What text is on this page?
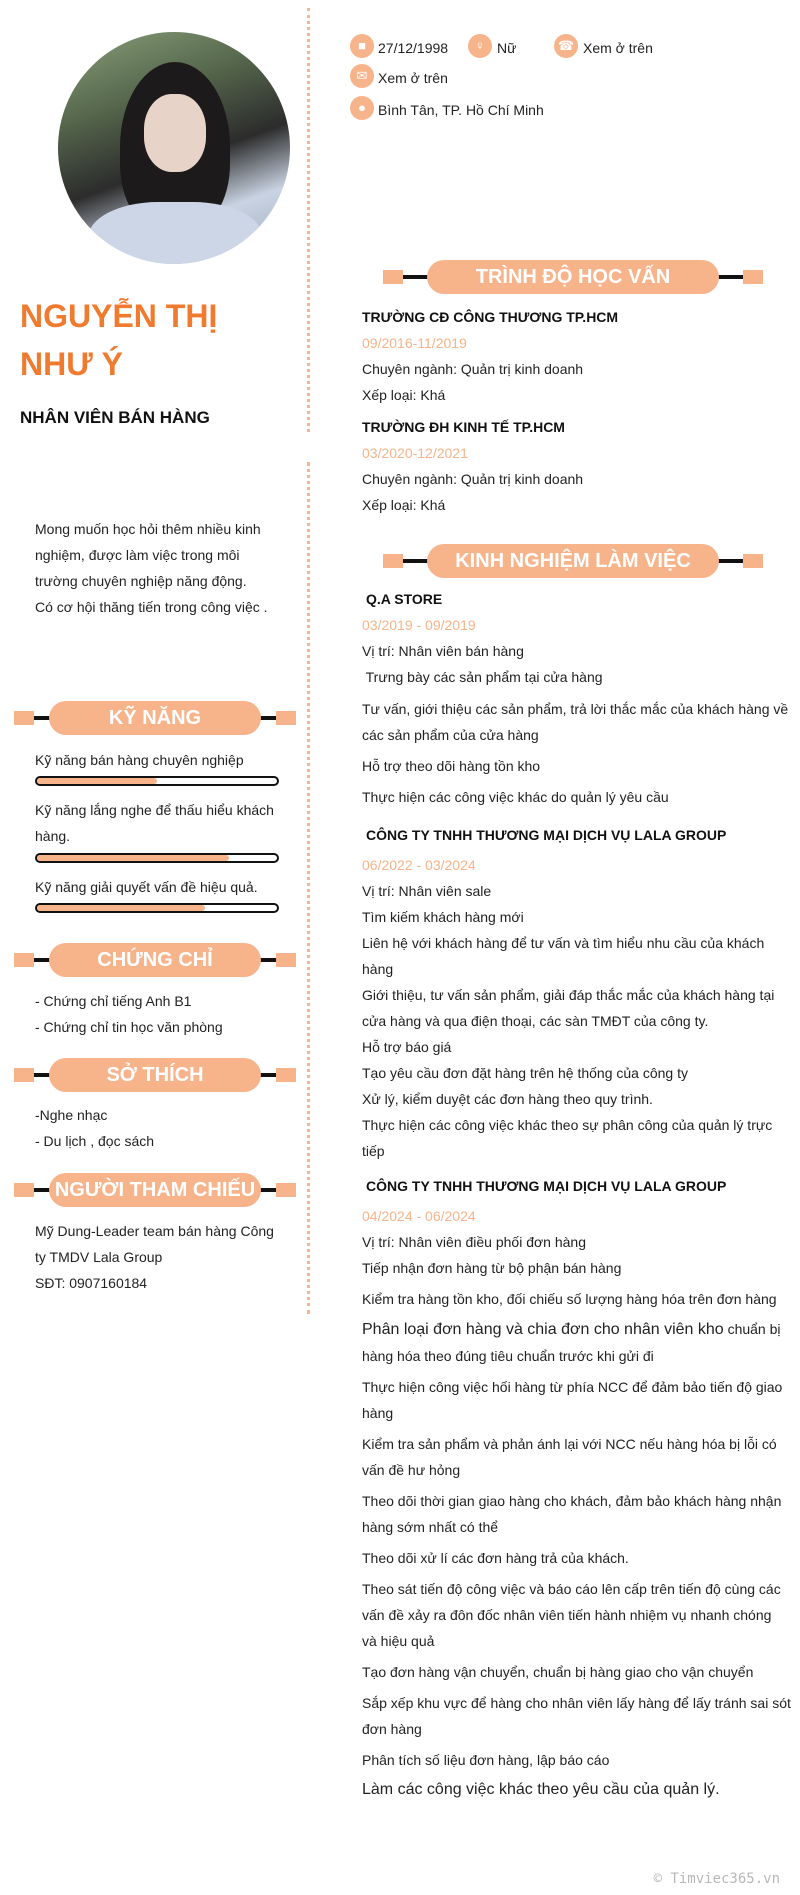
■ 27/12/1998	♀ Nữ	☎ Xem ở trên
✉ Xem ở trên
● Bình Tân, TP. Hồ Chí Minh
NGUYỄN THỊ
NHƯ Ý
NHÂN VIÊN BÁN HÀNG
Mong muốn học hỏi thêm nhiều kinh
nghiệm, được làm việc trong môi
trường chuyên nghiệp năng động.
Có cơ hội thăng tiến trong công việc .
KỸ NĂNG
Kỹ năng bán hàng chuyên nghiệp
Kỹ năng lắng nghe để thấu hiểu khách
hàng.
Kỹ năng giải quyết vấn đề hiệu quả.
CHỨNG CHỈ
- Chứng chỉ tiếng Anh B1
- Chứng chỉ tin học văn phòng
SỞ THÍCH
-Nghe nhạc
- Du lịch , đọc sách
NGƯỜI THAM CHIẾU
Mỹ Dung-Leader team bán hàng Công
ty TMDV Lala Group
SĐT: 0907160184
TRÌNH ĐỘ HỌC VẤN

TRƯỜNG CĐ CÔNG THƯƠNG TP.HCM

09/2016-11/2019

Chuyên ngành: Quản trị kinh doanh

Xếp loại: Khá

TRƯỜNG ĐH KINH TẾ TP.HCM

03/2020-12/2021

Chuyên ngành: Quản trị kinh doanh

Xếp loại: Khá

KINH NGHIỆM LÀM VIỆC

Q.A STORE

03/2019 - 09/2019

Vị trí: Nhân viên bán hàng

Trưng bày các sản phẩm tại cửa hàng

Tư vấn, giới thiệu các sản phẩm, trả lời thắc mắc của khách hàng về

các sản phẩm của cửa hàng

Hỗ trợ theo dõi hàng tồn kho

Thực hiện các công việc khác do quản lý yêu cầu

CÔNG TY TNHH THƯƠNG MẠI DỊCH VỤ LALA GROUP

06/2022 - 03/2024

Vị trí: Nhân viên sale

Tìm kiếm khách hàng mới

Liên hệ với khách hàng để tư vấn và tìm hiểu nhu cầu của khách

hàng

Giới thiệu, tư vấn sản phẩm, giải đáp thắc mắc của khách hàng tại

cửa hàng và qua điện thoại, các sàn TMĐT của công ty.

Hỗ trợ báo giá

Tạo yêu cầu đơn đặt hàng trên hệ thống của công ty

Xử lý, kiểm duyệt các đơn hàng theo quy trình.

Thực hiện các công việc khác theo sự phân công của quản lý trực

tiếp

CÔNG TY TNHH THƯƠNG MẠI DỊCH VỤ LALA GROUP

04/2024 - 06/2024

Vị trí: Nhân viên điều phối đơn hàng

Tiếp nhận đơn hàng từ bộ phận bán hàng

Kiểm tra hàng tồn kho, đối chiếu số lượng hàng hóa trên đơn hàng

Phân loại đơn hàng và chia đơn cho nhân viên kho chuẩn bị

hàng hóa theo đúng tiêu chuẩn trước khi gửi đi

Thực hiện công việc hối hàng từ phía NCC để đảm bảo tiến độ giao

hàng

Kiểm tra sản phẩm và phản ánh lại với NCC nếu hàng hóa bị lỗi có

vấn đề hư hỏng

Theo dõi thời gian giao hàng cho khách, đảm bảo khách hàng nhận

hàng sớm nhất có thể

Theo dõi xử lí các đơn hàng trả của khách.

Theo sát tiến độ công việc và báo cáo lên cấp trên tiến độ cùng các

vấn đề xảy ra đôn đốc nhân viên tiến hành nhiệm vụ nhanh chóng

và hiệu quả

Tạo đơn hàng vận chuyển, chuẩn bị hàng giao cho vận chuyển

Sắp xếp khu vực để hàng cho nhân viên lấy hàng để lấy tránh sai sót

đơn hàng

Phân tích số liệu đơn hàng, lập báo cáo

Làm các công việc khác theo yêu cầu của quản lý.

© Timviec365.vn
